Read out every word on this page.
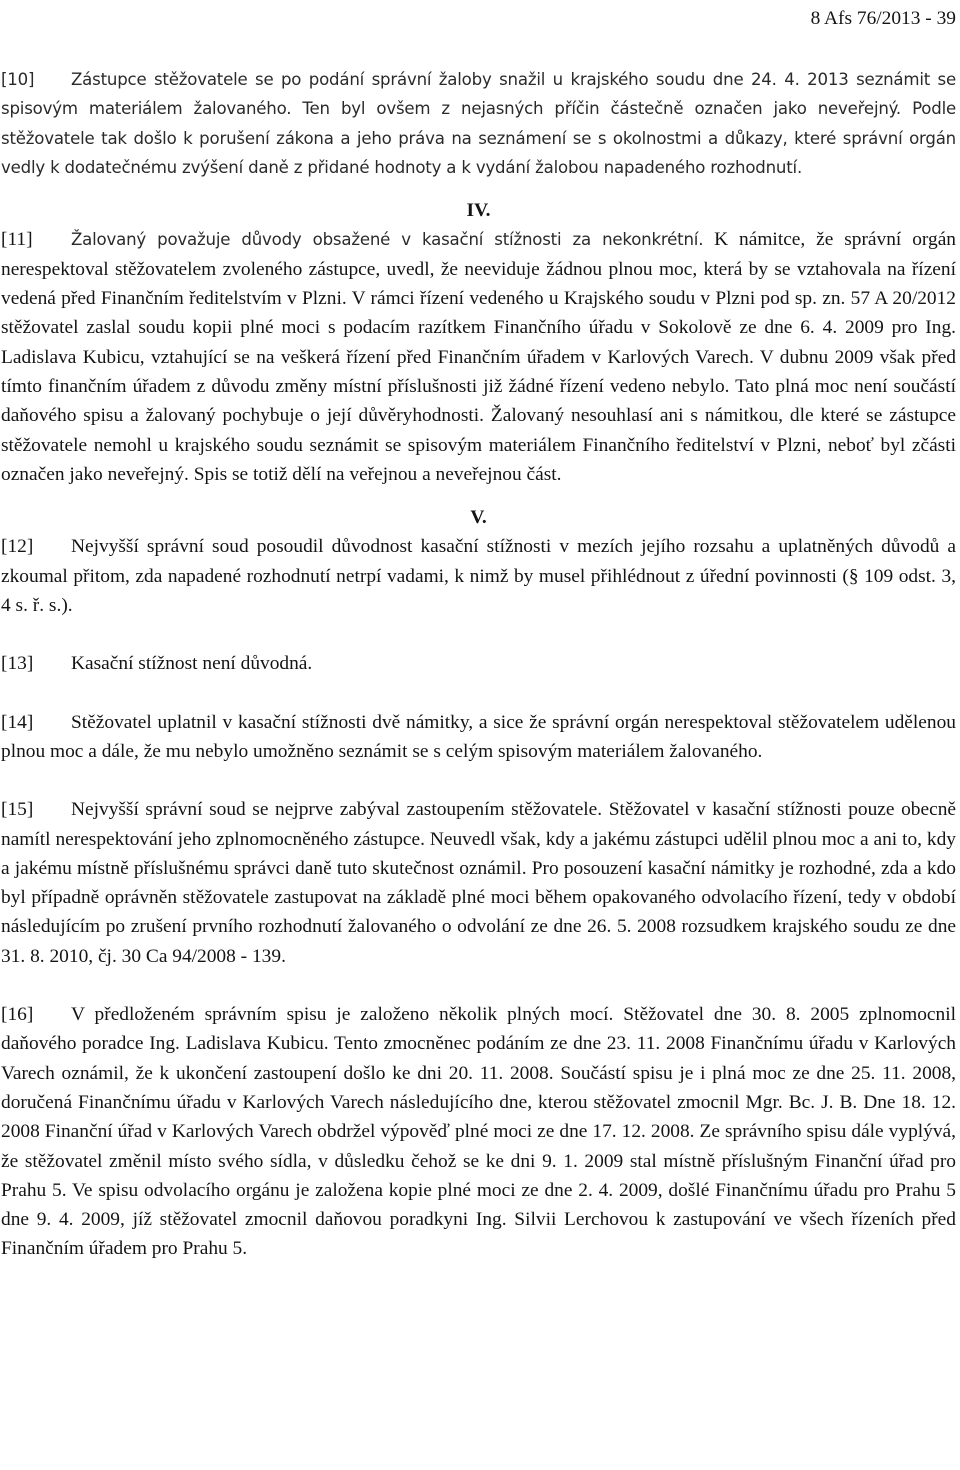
8 Afs 76/2013 - 39

[10] Zástupce stěžovatele se po podání správní žaloby snažil u krajského soudu dne 24. 4. 2013 seznámit se spisovým materiálem žalovaného. Ten byl ovšem z nejasných příčin částečně označen jako neveřejný. Podle stěžovatele tak došlo k porušení zákona a jeho práva na seznámení se s okolnostmi a důkazy, které správní orgán vedly k dodatečnému zvýšení daně z přidané hodnoty a k vydání žalobou napadeného rozhodnutí.

IV.

[11] Žalovaný považuje důvody obsažené v kasační stížnosti za nekonkrétní. K námitce, že správní orgán nerespektoval stěžovatelem zvoleného zástupce, uvedl, že neeviduje žádnou plnou moc, která by se vztahovala na řízení vedená před Finančním ředitelstvím v Plzni. V rámci řízení vedeného u Krajského soudu v Plzni pod sp. zn. 57 A 20/2012 stěžovatel zaslal soudu kopii plné moci s podacím razítkem Finančního úřadu v Sokolově ze dne 6. 4. 2009 pro Ing. Ladislava Kubicu, vztahující se na veškerá řízení před Finančním úřadem v Karlových Varech. V dubnu 2009 však před tímto finančním úřadem z důvodu změny místní příslušnosti již žádné řízení vedeno nebylo. Tato plná moc není součástí daňového spisu a žalovaný pochybuje o její důvěryhodnosti. Žalovaný nesouhlasí ani s námitkou, dle které se zástupce stěžovatele nemohl u krajského soudu seznámit se spisovým materiálem Finančního ředitelství v Plzni, neboť byl zčásti označen jako neveřejný. Spis se totiž dělí na veřejnou a neveřejnou část.

V.

[12] Nejvyšší správní soud posoudil důvodnost kasační stížnosti v mezích jejího rozsahu a uplatněných důvodů a zkoumal přitom, zda napadené rozhodnutí netrpí vadami, k nimž by musel přihlédnout z úřední povinnosti (§ 109 odst. 3, 4 s. ř. s.).

[13] Kasační stížnost není důvodná.

[14] Stěžovatel uplatnil v kasační stížnosti dvě námitky, a sice že správní orgán nerespektoval stěžovatelem udělenou plnou moc a dále, že mu nebylo umožněno seznámit se s celým spisovým materiálem žalovaného.

[15] Nejvyšší správní soud se nejprve zabýval zastoupením stěžovatele. Stěžovatel v kasační stížnosti pouze obecně namítl nerespektování jeho zplnomocněného zástupce. Neuvedl však, kdy a jakému zástupci udělil plnou moc a ani to, kdy a jakému místně příslušnému správci daně tuto skutečnost oznámil. Pro posouzení kasační námitky je rozhodné, zda a kdo byl případně oprávněn stěžovatele zastupovat na základě plné moci během opakovaného odvolacího řízení, tedy v období následujícím po zrušení prvního rozhodnutí žalovaného o odvolání ze dne 26. 5. 2008 rozsudkem krajského soudu ze dne 31. 8. 2010, čj. 30 Ca 94/2008 - 139.

[16] V předloženém správním spisu je založeno několik plných mocí. Stěžovatel dne 30. 8. 2005 zplnomocnil daňového poradce Ing. Ladislava Kubicu. Tento zmocněnec podáním ze dne 23. 11. 2008 Finančnímu úřadu v Karlových Varech oznámil, že k ukončení zastoupení došlo ke dni 20. 11. 2008. Součástí spisu je i plná moc ze dne 25. 11. 2008, doručená Finančnímu úřadu v Karlových Varech následujícího dne, kterou stěžovatel zmocnil Mgr. Bc. J. B. Dne 18. 12. 2008 Finanční úřad v Karlových Varech obdržel výpověď plné moci ze dne 17. 12. 2008. Ze správního spisu dále vyplývá, že stěžovatel změnil místo svého sídla, v důsledku čehož se ke dni 9. 1. 2009 stal místně příslušným Finanční úřad pro Prahu 5. Ve spisu odvolacího orgánu je založena kopie plné moci ze dne 2. 4. 2009, došlé Finančnímu úřadu pro Prahu 5 dne 9. 4. 2009, jíž stěžovatel zmocnil daňovou poradkyni Ing. Silvii Lerchovou k zastupování ve všech řízeních před Finančním úřadem pro Prahu 5.
